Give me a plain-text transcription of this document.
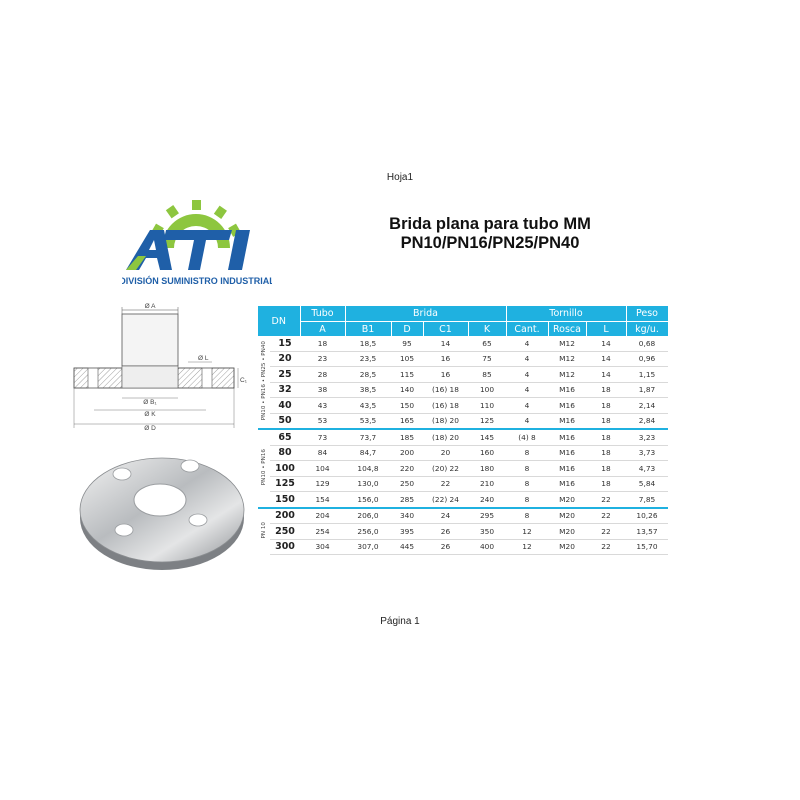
Hoja1
DIVISIÓN SUMINISTRO INDUSTRIAL
Brida plana para tubo MM
PN10/PN16/PN25/PN40
Ø A
Ø L
C₁
Ø B₁
Ø K
Ø D
DN		Tubo	Brida				Tornillo			Peso
		A	B1	D	C1	K	Cant.	Rosca	L	kg/u.
PN10 • PN16 • PN25 • PN40	15	18	18,5	95	14	65	4	M12	14	0,68
	20	23	23,5	105	16	75	4	M12	14	0,96
	25	28	28,5	115	16	85	4	M12	14	1,15
	32	38	38,5	140	(16) 18	100	4	M16	18	1,87
	40	43	43,5	150	(16) 18	110	4	M16	18	2,14
	50	53	53,5	165	(18) 20	125	4	M16	18	2,84
PN10 • PN16	65	73	73,7	185	(18) 20	145	(4) 8	M16	18	3,23
	80	84	84,7	200	20	160	8	M16	18	3,73
	100	104	104,8	220	(20) 22	180	8	M16	18	4,73
	125	129	130,0	250	22	210	8	M16	18	5,84
	150	154	156,0	285	(22) 24	240	8	M20	22	7,85
PN 10	200	204	206,0	340	24	295	8	M20	22	10,26
	250	254	256,0	395	26	350	12	M20	22	13,57
	300	304	307,0	445	26	400	12	M20	22	15,70
Página 1
